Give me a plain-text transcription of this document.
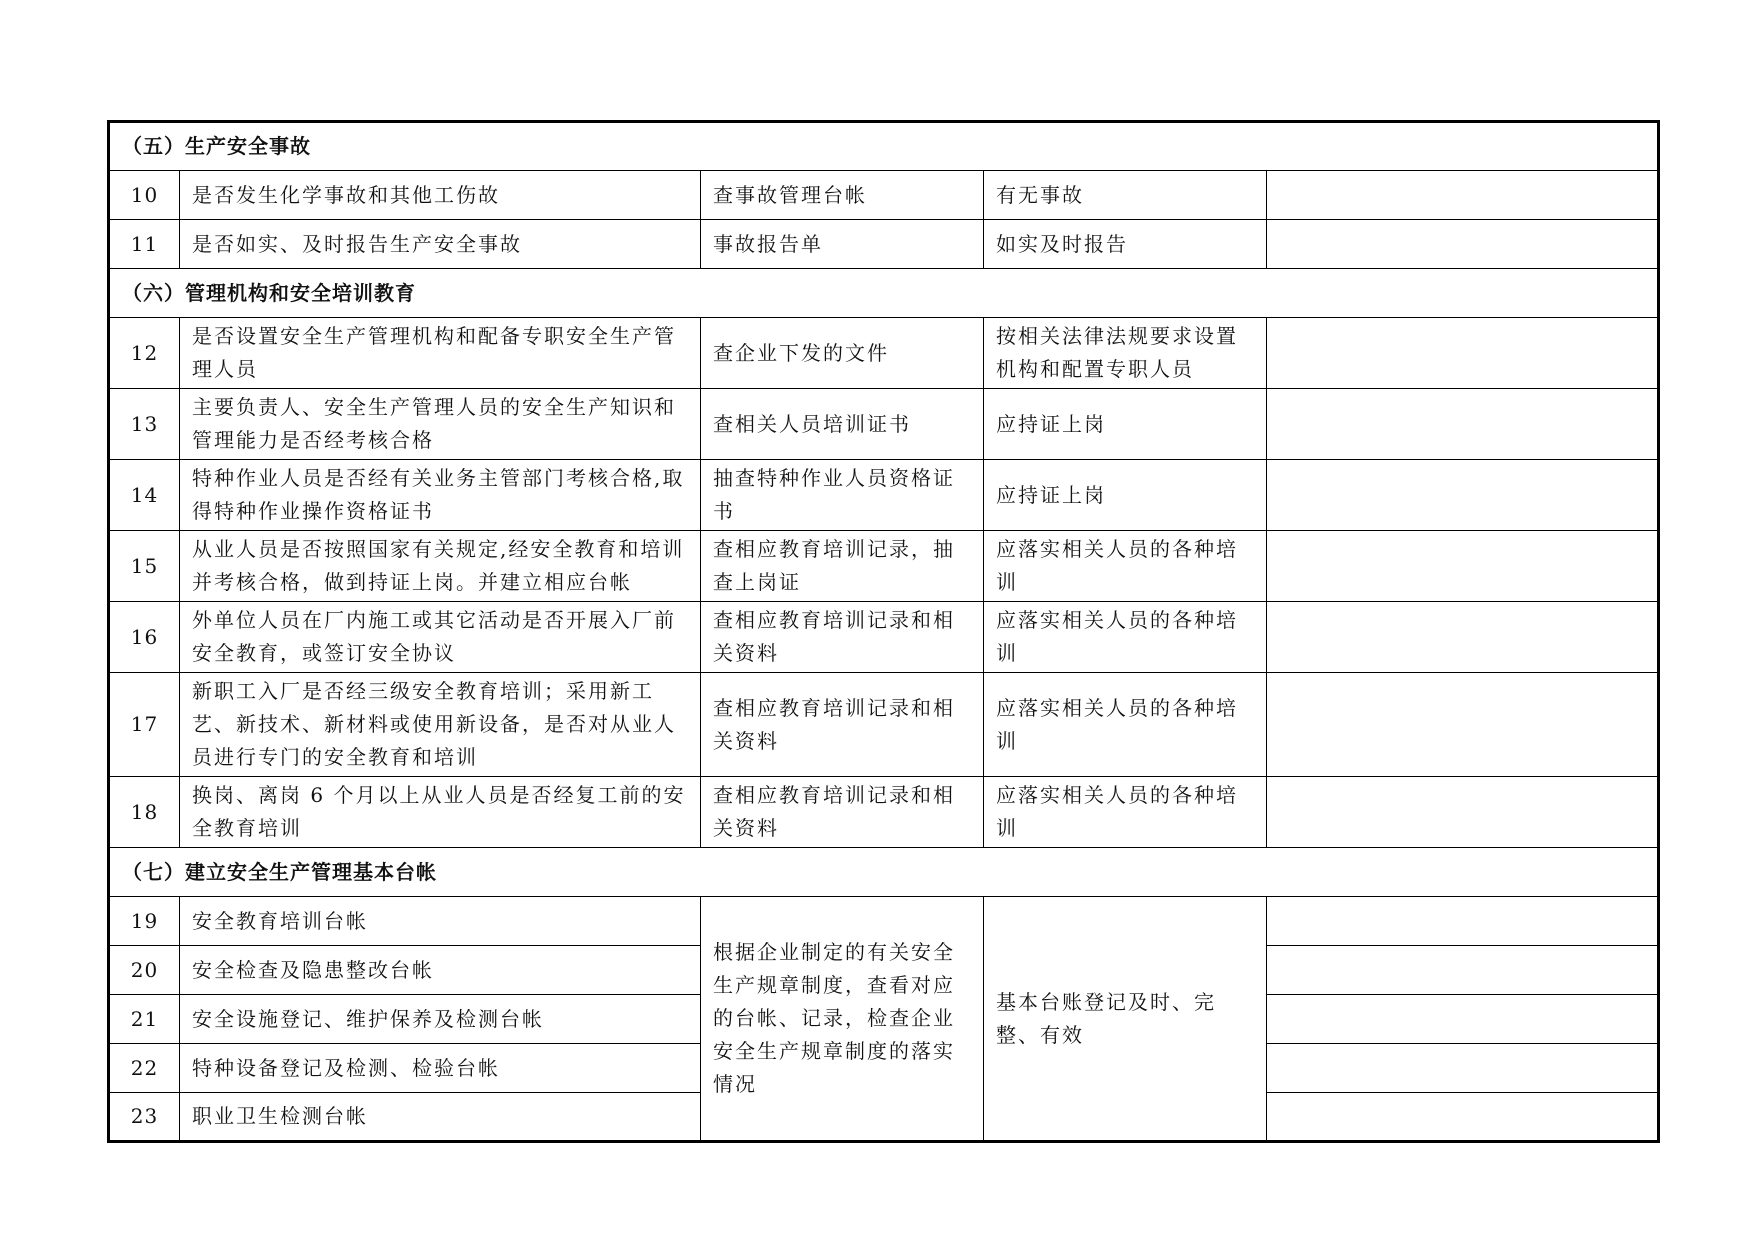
（五）生产安全事故				
10	是否发生化学事故和其他工伤故	查事故管理台帐	有无事故	
11	是否如实、及时报告生产安全事故	事故报告单	如实及时报告	
（六）管理机构和安全培训教育				
12	是否设置安全生产管理机构和配备专职安全生产管理人员	查企业下发的文件	按相关法律法规要求设置机构和配置专职人员	
13	主要负责人、安全生产管理人员的安全生产知识和管理能力是否经考核合格	查相关人员培训证书	应持证上岗	
14	特种作业人员是否经有关业务主管部门考核合格,取得特种作业操作资格证书	抽查特种作业人员资格证书	应持证上岗	
15	从业人员是否按照国家有关规定,经安全教育和培训并考核合格，做到持证上岗。并建立相应台帐	查相应教育培训记录，抽查上岗证	应落实相关人员的各种培训	
16	外单位人员在厂内施工或其它活动是否开展入厂前 安全教育，或签订安全协议	查相应教育培训记录和相关资料	应落实相关人员的各种培训	
17	新职工入厂是否经三级安全教育培训；采用新工艺、新技术、新材料或使用新设备，是否对从业人员进行专门的安全教育和培训	查相应教育培训记录和相关资料	应落实相关人员的各种培训	
18	换岗、离岗 6 个月以上从业人员是否经复工前的安全教育培训	查相应教育培训记录和相关资料	应落实相关人员的各种培训	
（七）建立安全生产管理基本台帐				
19	安全教育培训台帐	根据企业制定的有关安全生产规章制度，查看对应的台帐、记录，检查企业安全生产规章制度的落实情况	基本台账登记及时、完整、有效	
20	安全检查及隐患整改台帐			
21	安全设施登记、维护保养及检测台帐			
22	特种设备登记及检测、检验台帐			
23	职业卫生检测台帐			
